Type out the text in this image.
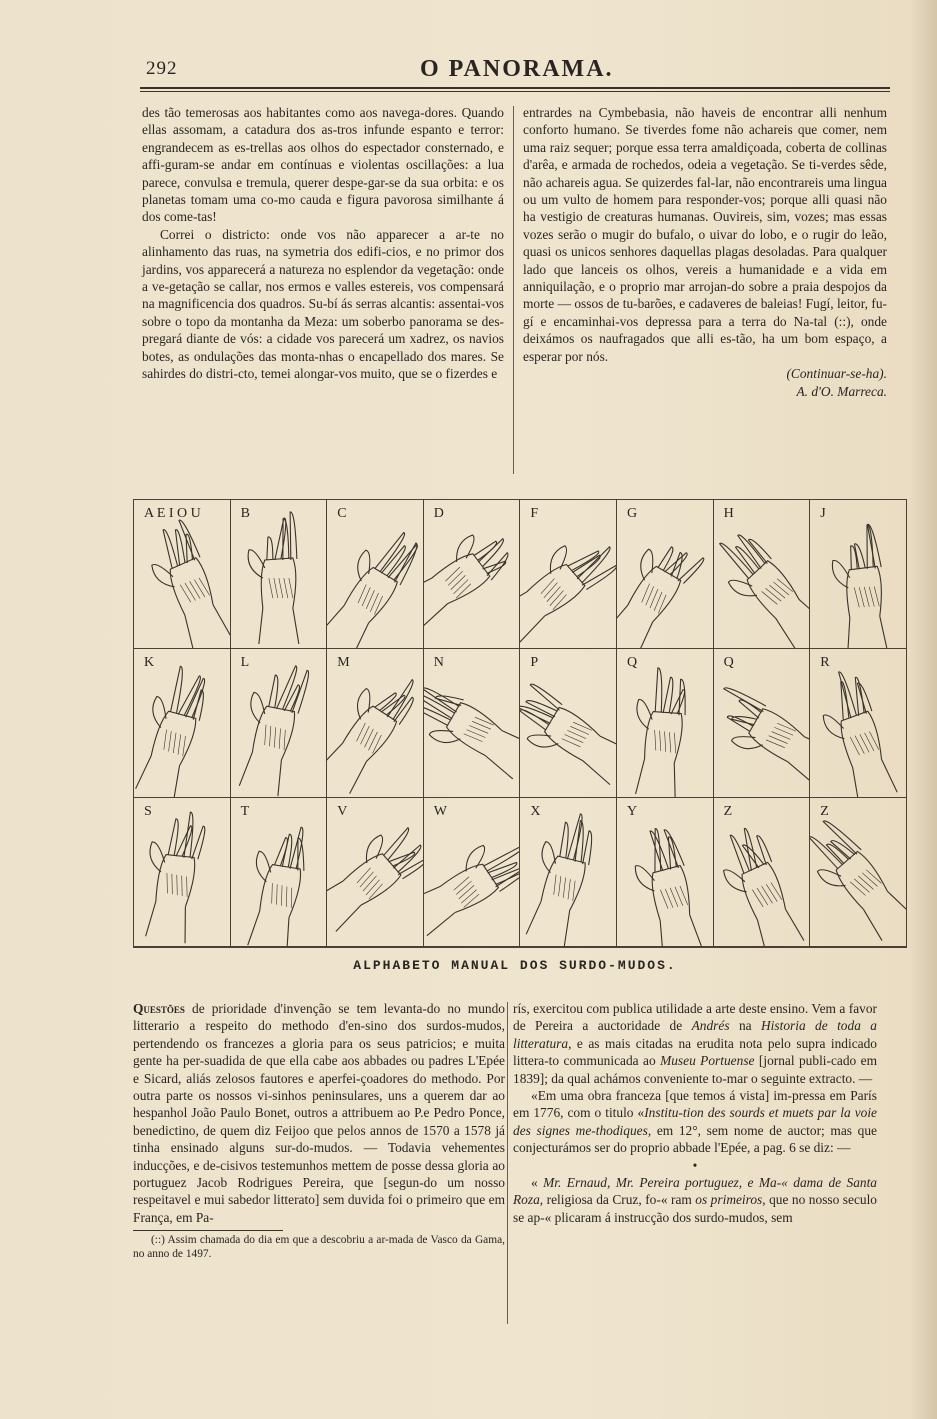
292	O PANORAMA.

des tão temerosas aos habitantes como aos navega-dores. Quando ellas assomam, a catadura dos as-tros infunde espanto e terror: engrandecem as es-trellas aos olhos do espectador consternado, e affi-guram-se andar em contínuas e violentas oscillações: a lua parece, convulsa e tremula, querer despe-gar-se da sua orbita: e os planetas tomam uma co-mo cauda e figura pavorosa similhante á dos come-tas!

Correi o districto: onde vos não apparecer a ar-te no alinhamento das ruas, na symetria dos edifi-cios, e no primor dos jardins, vos apparecerá a natureza no esplendor da vegetação: onde a ve-getação se callar, nos ermos e valles estereis, vos compensará na magnificencia dos quadros. Su-bí ás serras alcantis: assentai-vos sobre o topo da montanha da Meza: um soberbo panorama se des-pregará diante de vós: a cidade vos parecerá um xadrez, os navios botes, as ondulações das monta-nhas o encapellado dos mares. Se sahirdes do distri-cto, temei alongar-vos muito, que se o fizerdes e

entrardes na Cymbebasia, não haveis de encontrar alli nenhum conforto humano. Se tiverdes fome não achareis que comer, nem uma raiz sequer; porque essa terra amaldiçoada, coberta de collinas d'arêa, e armada de rochedos, odeia a vegetação. Se ti-verdes sêde, não achareis agua. Se quizerdes fal-lar, não encontrareis uma lingua ou um vulto de homem para responder-vos; porque alli quasi não ha vestigio de creaturas humanas. Ouvireis, sim, vozes; mas essas vozes serão o mugir do bufalo, o uivar do lobo, e o rugir do leão, quasi os unicos senhores daquellas plagas desoladas. Para qualquer lado que lanceis os olhos, vereis a humanidade e a vida em anniquilação, e o proprio mar arrojan-do sobre a praia despojos da morte — ossos de tu-barões, e cadaveres de baleias! Fugí, leitor, fu-gí e encaminhai-vos depressa para a terra do Na-tal (::), onde deixámos os naufragados que alli es-tão, ha um bom espaço, a esperar por nós.

(Continuar-se-ha).

A. d'O. Marreca.

A E I O U	B	C	D	F	G	H	J
K	L	M	N	P	Q	Q	R
S	T	V	W	X	Y	Z	Z
ALPHABETO MANUAL DOS SURDO-MUDOS.

Questões de prioridade d'invenção se tem levanta-do no mundo litterario a respeito do methodo d'en-sino dos surdos-mudos, pertendendo os francezes a gloria para os seus patricios; e muita gente ha per-suadida de que ella cabe aos abbades ou padres L'Epée e Sicard, aliás zelosos fautores e aperfei-çoadores do methodo. Por outra parte os nossos vi-sinhos peninsulares, uns a querem dar ao hespanhol João Paulo Bonet, outros a attribuem ao P.e Pedro Ponce, benedictino, de quem diz Feijoo que pelos annos de 1570 a 1578 já tinha ensinado alguns sur-do-mudos. — Todavia vehementes inducções, e de-cisivos testemunhos mettem de posse dessa gloria ao portuguez Jacob Rodrigues Pereira, que [segun-do um nosso respeitavel e mui sabedor litterato] sem duvida foi o primeiro que em França, em Pa-

(::) Assim chamada do dia em que a descobriu a ar-mada de Vasco da Gama, no anno de 1497.

rís, exercitou com publica utilidade a arte deste ensino. Vem a favor de Pereira a auctoridade de Andrés na Historia de toda a litteratura, e as mais citadas na erudita nota pelo supra indicado littera-to communicada ao Museu Portuense [jornal publi-cado em 1839]; da qual achámos conveniente to-mar o seguinte extracto. —

«Em uma obra franceza [que temos á vista] im-pressa em París em 1776, com o titulo «Institu-tion des sourds et muets par la voie des signes me-thodiques, em 12°, sem nome de auctor; mas que conjecturámos ser do proprio abbade l'Epée, a pag. 6 se diz: —

•

« Mr. Ernaud, Mr. Pereira portuguez, e Ma-« dama de Santa Roza, religiosa da Cruz, fo-« ram os primeiros, que no nosso seculo se ap-« plicaram á instrucção dos surdo-mudos, sem
